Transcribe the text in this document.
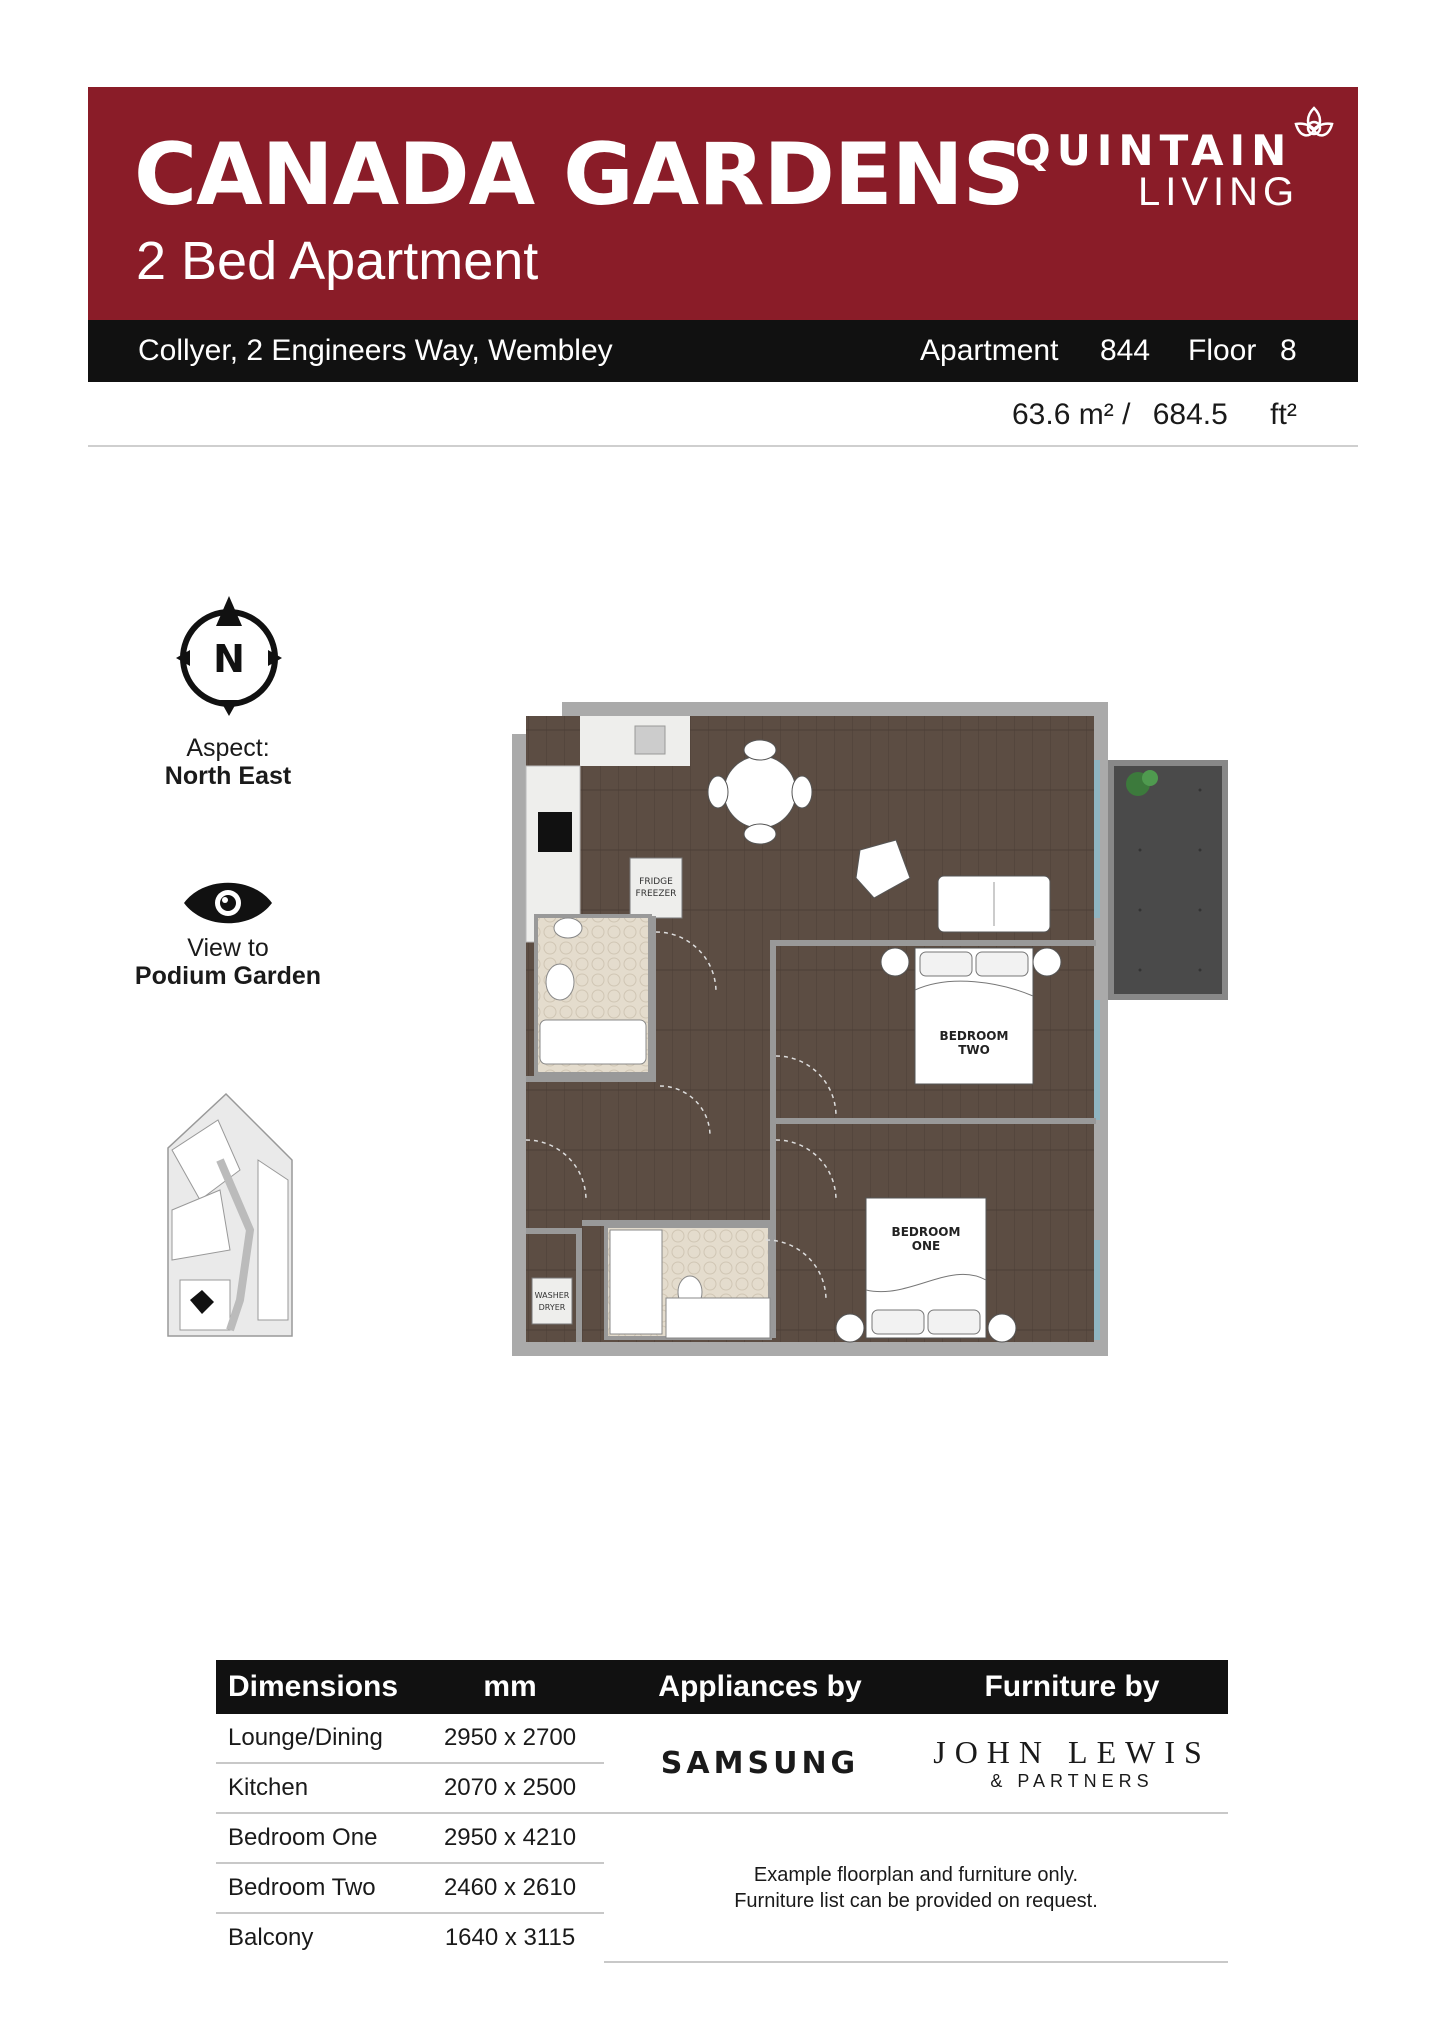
CANADA GARDENS
2 Bed Apartment
QUINTAIN
LIVING
Collyer, 2 Engineers Way, Wembley	Apartment 844 Floor 8
63.6 m² / 684.5 ft²
N
Aspect:
North East
View to
Podium Garden
FRIDGE
FREEZER
BEDROOM
TWO
BEDROOM
ONE
WASHER
DRYER
Dimensions	mm	Appliances by	Furniture by
Lounge/Dining	2950 x 2700	SAMSUNG	JOHN LEWIS
& PARTNERS

Kitchen	2070 x 2500		
Bedroom One	2950 x 4210	Example floorplan and furniture only.
Furniture list can be provided on request.	

Bedroom Two	2460 x 2610		
Balcony	1640 x 3115		
